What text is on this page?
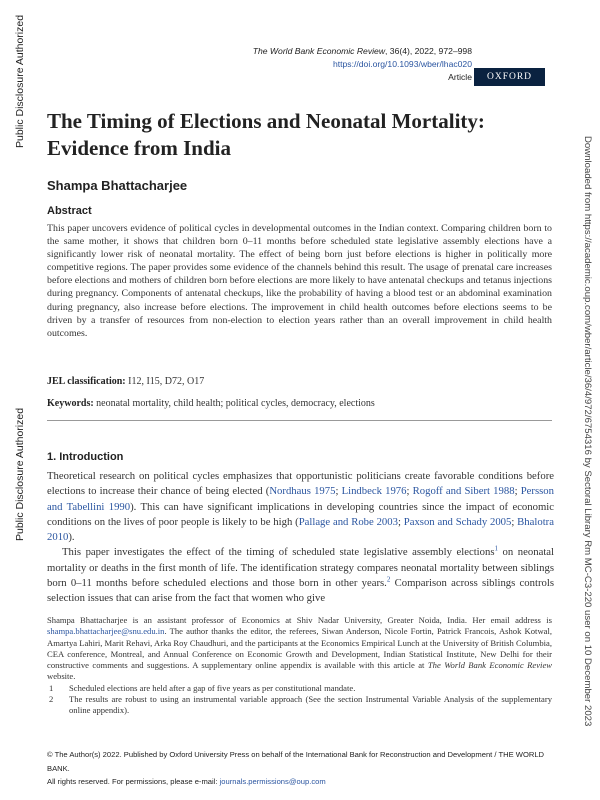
Public Disclosure Authorized
Public Disclosure Authorized	Downloaded from https://academic.oup.com/wber/article/36/4/972/6754316 by Sectoral Library Rm MC-C3-220 user on 10 December 2023
The World Bank Economic Review, 36(4), 2022, 972–998
https://doi.org/10.1093/wber/lhac020
Article	OXFORD
The Timing of Elections and Neonatal Mortality:
Evidence from India

Shampa Bhattacharjee

Abstract

This paper uncovers evidence of political cycles in developmental outcomes in the Indian context. Comparing children born to the same mother, it shows that children born 0–11 months before scheduled state legislative assembly elections have a significantly lower risk of neonatal mortality. The effect of being born just before elections is higher in politically more competitive regions. The paper provides some evidence of the channels behind this result. The usage of prenatal care increases before elections and mothers of children born before elections are more likely to have antenatal checkups and tetanus injections during pregnancy. Components of antenatal checkups, like the probability of having a blood test or an abdominal examination during pregnancy, also increase before elections. The improvement in child health outcomes before elections seems to be driven by a transfer of resources from non-election to election years rather than an overall improvement in child health outcomes.

JEL classification: I12, I15, D72, O17

Keywords: neonatal mortality, child health; political cycles, democracy, elections

1. Introduction

Theoretical research on political cycles emphasizes that opportunistic politicians create favorable conditions before elections to increase their chance of being elected (Nordhaus 1975; Lindbeck 1976; Rogoff and Sibert 1988; Persson and Tabellini 1990). This can have significant implications in developing countries since the impact of economic conditions on the lives of poor people is likely to be high (Pallage and Robe 2003; Paxson and Schady 2005; Bhalotra 2010).

This paper investigates the effect of the timing of scheduled state legislative assembly elections$^1$ on neonatal mortality or deaths in the first month of life. The identification strategy compares neonatal mortality between siblings born 0–11 months before scheduled elections and those born in other years.$^2$ Comparison across siblings controls selection issues that can arise from the fact that women who give

Shampa Bhattacharjee is an assistant professor of Economics at Shiv Nadar University, Greater Noida, India. Her email address is shampa.bhattacharjee@snu.edu.in. The author thanks the editor, the referees, Siwan Anderson, Nicole Fortin, Patrick Francois, Ashok Kotwal, Amartya Lahiri, Marit Rehavi, Arka Roy Chaudhuri, and the participants at the Economics Empirical Lunch at the University of British Columbia, CEA conference, Montreal, and Annual Conference on Economic Growth and Development, Indian Statistical Institute, New Delhi for their constructive comments and suggestions. A supplementary online appendix is available with this article at The World Bank Economic Review website.

1 Scheduled elections are held after a gap of five years as per constitutional mandate.
2 The results are robust to using an instrumental variable approach (See the section Instrumental Variable Analysis of the supplementary online appendix).
© The Author(s) 2022. Published by Oxford University Press on behalf of the International Bank for Reconstruction and Development / THE WORLD BANK.
All rights reserved. For permissions, please e-mail: journals.permissions@oup.com
